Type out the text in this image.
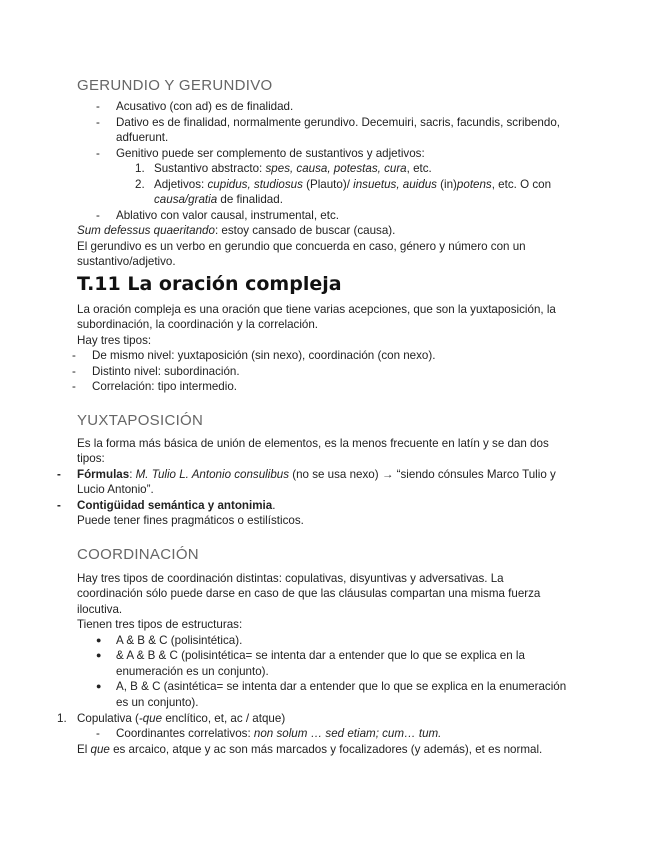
GERUNDIO Y GERUNDIVO
- Acusativo (con ad) es de finalidad.
- Dativo es de finalidad, normalmente gerundivo. Decemuiri, sacris, facundis, scribendo,
adfuerunt.
- Genitivo puede ser complemento de sustantivos y adjetivos:
1. Sustantivo abstracto: spes, causa, potestas, cura, etc.
2. Adjetivos: cupidus, studiosus (Plauto)/ insuetus, auidus (in)potens, etc. O con
causa/gratia de finalidad.
- Ablativo con valor causal, instrumental, etc.
Sum defessus quaeritando: estoy cansado de buscar (causa).
El gerundivo es un verbo en gerundio que concuerda en caso, género y número con un
sustantivo/adjetivo.
T.11 La oración compleja
La oración compleja es una oración que tiene varias acepciones, que son la yuxtaposición, la
subordinación, la coordinación y la correlación.
Hay tres tipos:
- De mismo nivel: yuxtaposición (sin nexo), coordinación (con nexo).
- Distinto nivel: subordinación.
- Correlación: tipo intermedio.
YUXTAPOSICIÓN
Es la forma más básica de unión de elementos, es la menos frecuente en latín y se dan dos
tipos:
- Fórmulas: M. Tulio L. Antonio consulibus (no se usa nexo) → “siendo cónsules Marco Tulio y
Lucio Antonio”.
- Contigüidad semántica y antonimia.
Puede tener fines pragmáticos o estilísticos.
COORDINACIÓN
Hay tres tipos de coordinación distintas: copulativas, disyuntivas y adversativas. La
coordinación sólo puede darse en caso de que las cláusulas compartan una misma fuerza
ilocutiva.
Tienen tres tipos de estructuras:
● A & B & C (polisintética).
● & A & B & C (polisintética= se intenta dar a entender que lo que se explica en la
enumeración es un conjunto).
● A, B & C (asintética= se intenta dar a entender que lo que se explica en la enumeración
es un conjunto).
1. Copulativa (-que enclítico, et, ac / atque)
- Coordinantes correlativos: non solum … sed etiam; cum… tum.
El que es arcaico, atque y ac son más marcados y focalizadores (y además), et es normal.
